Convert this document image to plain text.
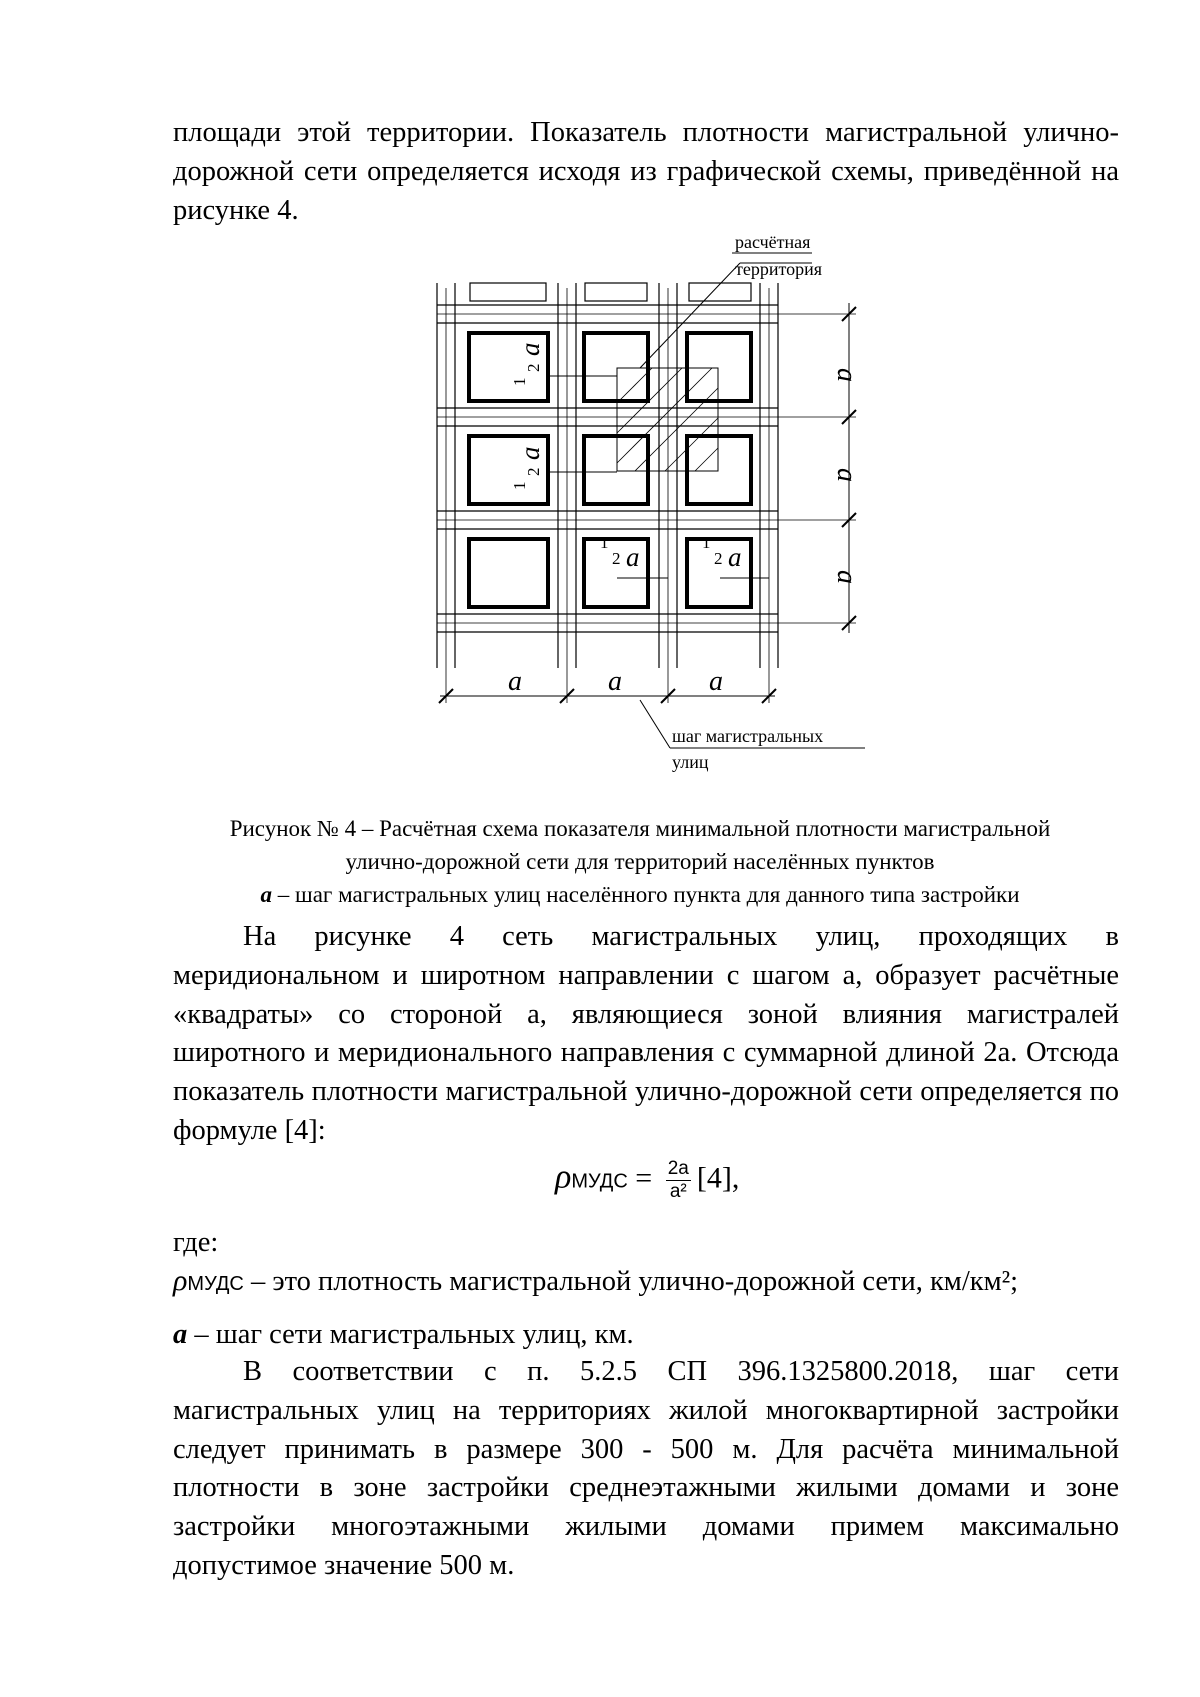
площади этой территории. Показатель плотности магистральной улично-
дорожной сети определяется исходя из графической схемы, приведённой на
рисунке 4.
расчётная
территория
шаг магистральных
улиц
a
a
a
a	a	a
1
2
a
1
2
a
1
2 a	1
2 a
Рисунок № 4 – Расчётная схема показателя минимальной плотности магистральной
улично-дорожной сети для территорий населённых пунктов
а – шаг магистральных улиц населённого пункта для данного типа застройки
На рисунке 4 сеть магистральных улиц, проходящих в
меридиональном и широтном направлении с шагом а, образует расчётные
«квадраты» со стороной а, являющиеся зоной влияния магистралей
широтного и меридионального направления с суммарной длиной 2а. Отсюда
показатель плотности магистральной улично-дорожной сети определяется по
формуле [4]:
ρМУДС = $\frac{2a}{\text{a²}} [4]$,
где:
ρМУДС – это плотность магистральной улично-дорожной сети, км/км²;
а – шаг сети магистральных улиц, км.
В соответствии с п. 5.2.5 СП 396.1325800.2018, шаг сети
магистральных улиц на территориях жилой многоквартирной застройки
следует принимать в размере 300 - 500 м. Для расчёта минимальной
плотности в зоне застройки среднеэтажными жилыми домами и зоне
застройки многоэтажными жилыми домами примем максимально
допустимое значение 500 м.
